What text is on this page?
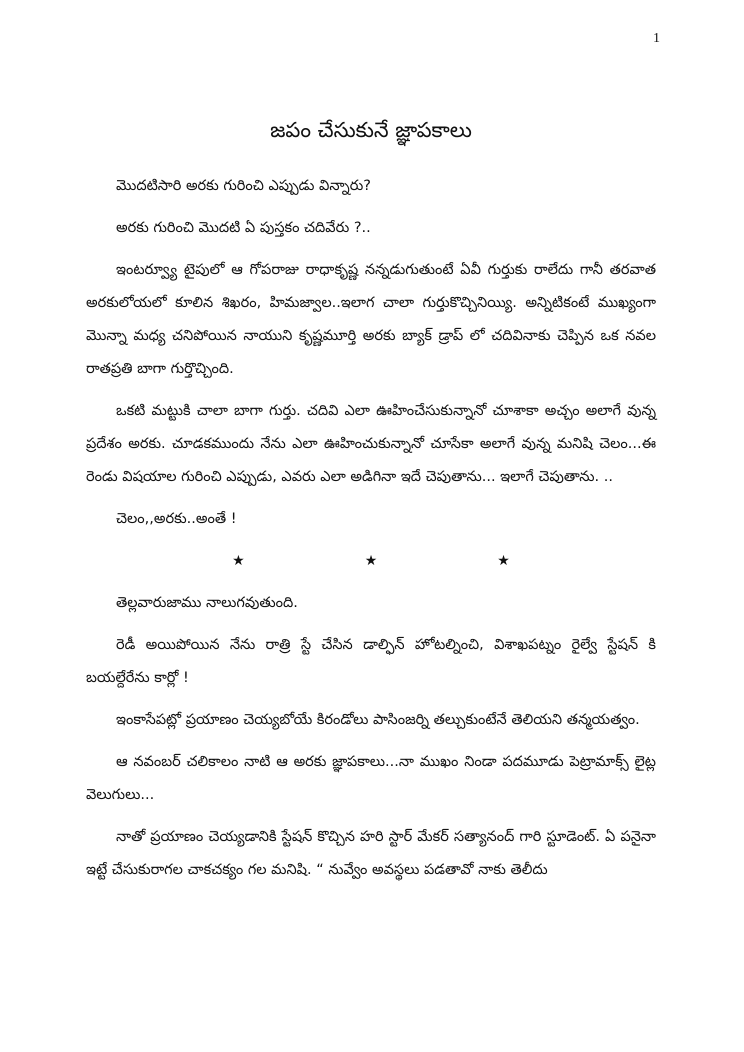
1
జపం చేసుకునే జ్ఞాపకాలు

మొదటిసారి అరకు గురించి ఎప్పుడు విన్నారు?

అరకు గురించి మొదటి ఏ పుస్తకం చదివేరు ?..

ఇంటర్వ్యూ టైపులో ఆ గోపరాజు రాధాకృష్ణ నన్నడుగుతుంటే ఏవీ గుర్తుకు రాలేదు గానీ తరవాత అరకులోయలో కూలిన శిఖరం, హిమజ్వాల..ఇలాగ చాలా గుర్తుకొచ్చినియ్యి. అన్నిటికంటే ముఖ్యంగా మొన్నా మధ్య చనిపోయిన నాయుని కృష్ణమూర్తి అరకు బ్యాక్ డ్రాప్ లో చదివినాకు చెప్పిన ఒక నవల రాతప్రతి బాగా గుర్తొచ్చింది.

ఒకటి మట్టుకి చాలా బాగా గుర్తు. చదివి ఎలా ఊహించేసుకున్నానో చూశాకా అచ్చం అలాగే వున్న ప్రదేశం అరకు. చూడకముందు నేను ఎలా ఊహించుకున్నానో చూసేకా అలాగే వున్న మనిషి చెలం...ఈ రెండు విషయాల గురించి ఎప్పుడు, ఎవరు ఎలా అడిగినా ఇదే చెపుతాను... ఇలాగే చెపుతాను. ..

చెలం,,అరకు..అంతే !

★	★	★

తెల్లవారుజాము నాలుగవుతుంది.

రెడీ అయిపోయిన నేను రాత్రి స్టే చేసిన డాల్ఫిన్ హోటల్నించి, విశాఖపట్నం రైల్వే స్టేషన్ కి బయల్దేరేను కార్లో !

ఇంకాసేపట్లో ప్రయాణం చెయ్యబోయే కిరండోలు పాసింజర్ని తల్చుకుంటేనే తెలియని తన్మయత్వం.

ఆ నవంబర్ చలికాలం నాటి ఆ అరకు జ్ఞాపకాలు...నా ముఖం నిండా పదమూడు పెట్రామాక్స్ లైట్ల వెలుగులు...

నాతో ప్రయాణం చెయ్యడానికి స్టేషన్ కొచ్చిన హరి స్టార్ మేకర్ సత్యానంద్ గారి స్టూడెంట్. ఏ పనైనా ఇట్టే చేసుకురాగల చాకచక్యం గల మనిషి. “ నువ్వేం అవస్థలు పడతావో నాకు తెలీదు
